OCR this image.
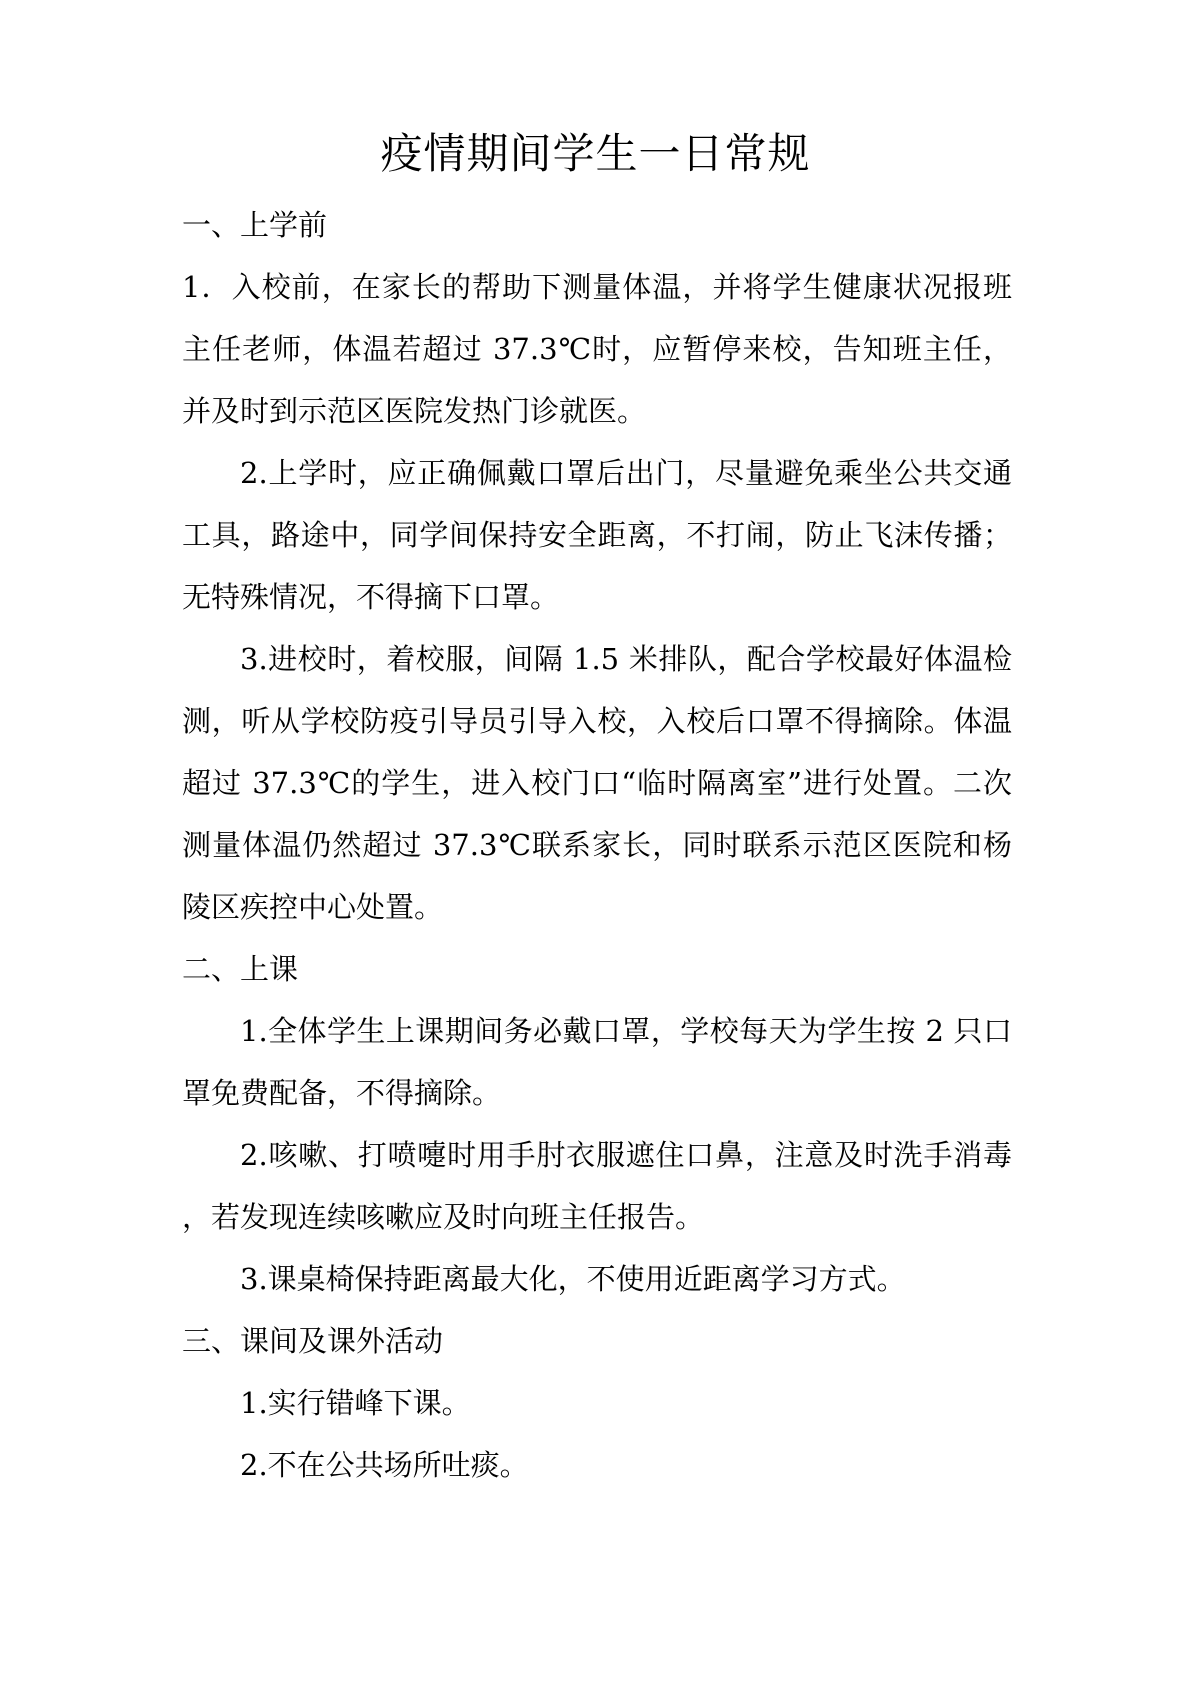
疫情期间学生一日常规

一、上学前

1．入校前，在家长的帮助下测量体温，并将学生健康状况报班主任老师，体温若超过 37.3℃时，应暂停来校，告知班主任，并及时到示范区医院发热门诊就医。

2.上学时，应正确佩戴口罩后出门，尽量避免乘坐公共交通工具，路途中，同学间保持安全距离，不打闹，防止飞沫传播；无特殊情况，不得摘下口罩。

3.进校时，着校服，间隔 1.5 米排队，配合学校最好体温检测，听从学校防疫引导员引导入校，入校后口罩不得摘除。体温超过 37.3℃的学生，进入校门口“临时隔离室”进行处置。二次测量体温仍然超过 37.3℃联系家长，同时联系示范区医院和杨陵区疾控中心处置。

二、上课

1.全体学生上课期间务必戴口罩，学校每天为学生按 2 只口罩免费配备，不得摘除。

2.咳嗽、打喷嚏时用手肘衣服遮住口鼻，注意及时洗手消毒，若发现连续咳嗽应及时向班主任报告。

3.课桌椅保持距离最大化，不使用近距离学习方式。

三、课间及课外活动

1.实行错峰下课。

2.不在公共场所吐痰。
